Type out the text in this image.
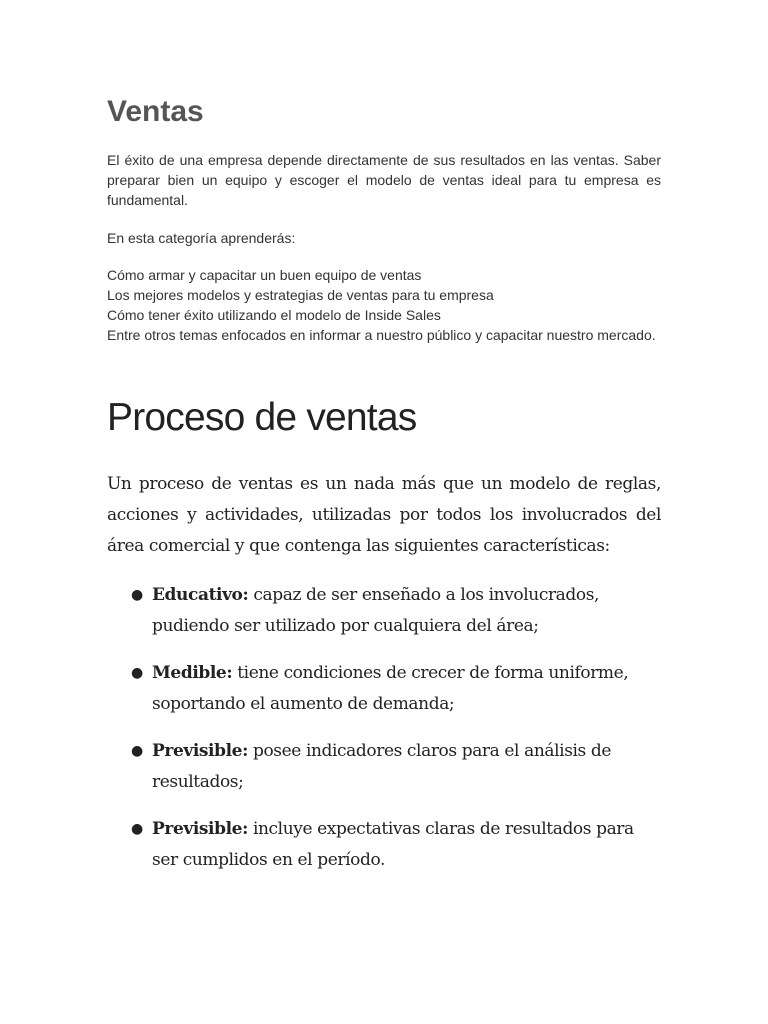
Ventas

El éxito de una empresa depende directamente de sus resultados en las ventas. Saber preparar bien un equipo y escoger el modelo de ventas ideal para tu empresa es fundamental.

En esta categoría aprenderás:

Cómo armar y capacitar un buen equipo de ventas
Los mejores modelos y estrategias de ventas para tu empresa
Cómo tener éxito utilizando el modelo de Inside Sales
Entre otros temas enfocados en informar a nuestro público y capacitar nuestro mercado.
Proceso de ventas

Un proceso de ventas es un nada más que un modelo de reglas, acciones y actividades, utilizadas por todos los involucrados del área comercial y que contenga las siguientes características:

● Educativo: capaz de ser enseñado a los involucrados, pudiendo ser utilizado por cualquiera del área;
● Medible: tiene condiciones de crecer de forma uniforme, soportando el aumento de demanda;
● Previsible: posee indicadores claros para el análisis de resultados;
● Previsible: incluye expectativas claras de resultados para ser cumplidos en el período.
